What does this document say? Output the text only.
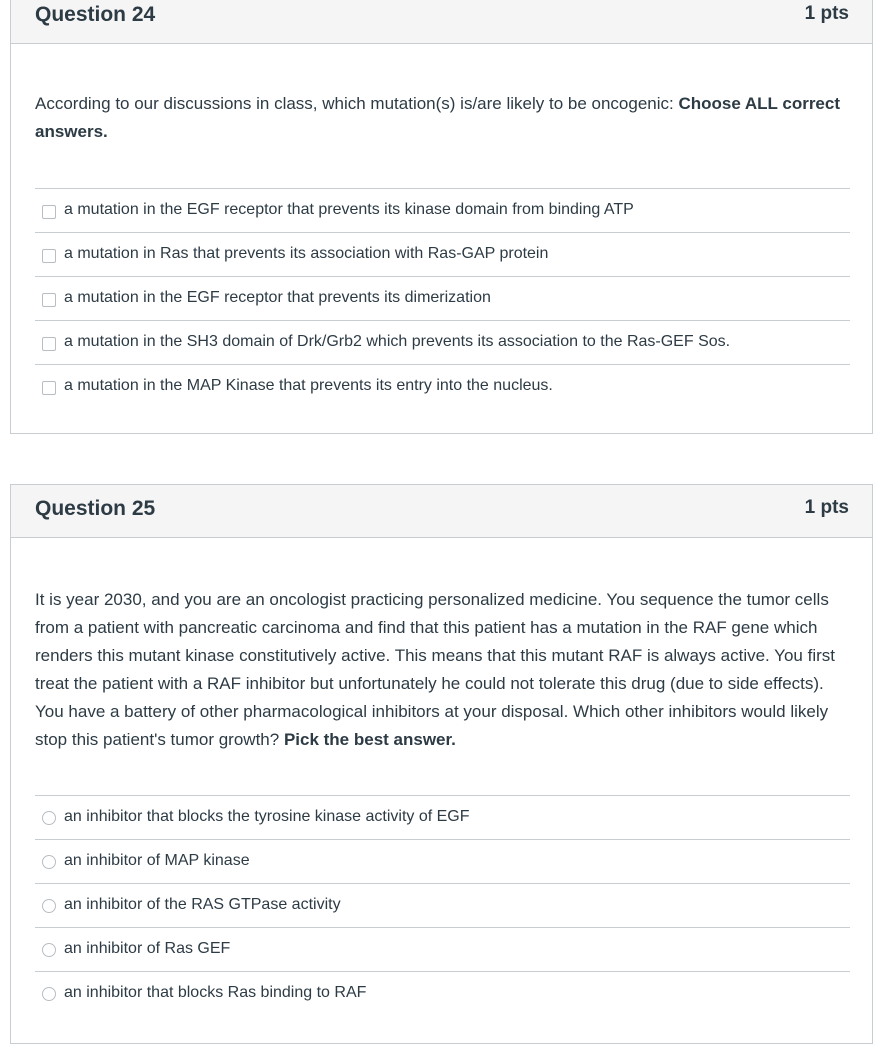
Question 24	1 pts
According to our discussions in class, which mutation(s) is/are likely to be oncogenic: Choose ALL correct answers.
a mutation in the EGF receptor that prevents its kinase domain from binding ATP
a mutation in Ras that prevents its association with Ras-GAP protein
a mutation in the EGF receptor that prevents its dimerization
a mutation in the SH3 domain of Drk/Grb2 which prevents its association to the Ras-GEF Sos.
a mutation in the MAP Kinase that prevents its entry into the nucleus.
Question 25	1 pts
It is year 2030, and you are an oncologist practicing personalized medicine. You sequence the tumor cells from a patient with pancreatic carcinoma and find that this patient has a mutation in the RAF gene which renders this mutant kinase constitutively active. This means that this mutant RAF is always active. You first treat the patient with a RAF inhibitor but unfortunately he could not tolerate this drug (due to side effects). You have a battery of other pharmacological inhibitors at your disposal. Which other inhibitors would likely stop this patient's tumor growth? Pick the best answer.
an inhibitor that blocks the tyrosine kinase activity of EGF
an inhibitor of MAP kinase
an inhibitor of the RAS GTPase activity
an inhibitor of Ras GEF
an inhibitor that blocks Ras binding to RAF
